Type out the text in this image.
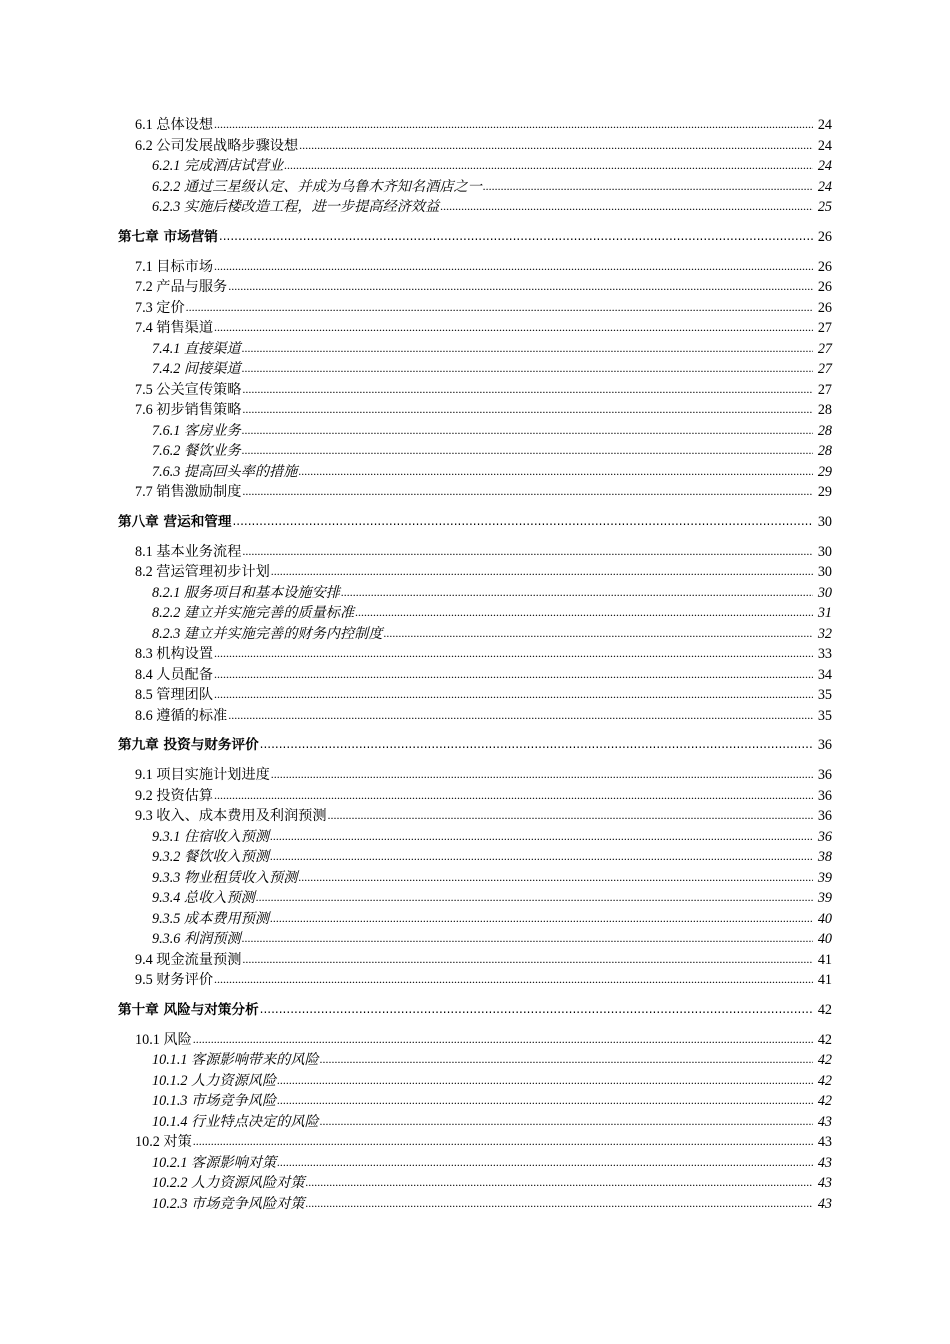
6.1 总体设想 .....	24
6.2 公司发展战略步骤设想 .....	24
6.2.1 完成酒店试营业 .....	24
6.2.2 通过三星级认定、并成为乌鲁木齐知名酒店之一 .....	24
6.2.3 实施后楼改造工程，进一步提高经济效益 .....	25
第七章 市场营销 .....	26
7.1 目标市场 .....	26
7.2 产品与服务 .....	26
7.3 定价 .....	26
7.4 销售渠道 .....	27
7.4.1 直接渠道 .....	27
7.4.2 间接渠道 .....	27
7.5 公关宣传策略 .....	27
7.6 初步销售策略 .....	28
7.6.1 客房业务 .....	28
7.6.2 餐饮业务 .....	28
7.6.3 提高回头率的措施 .....	29
7.7 销售激励制度 .....	29
第八章 营运和管理 .....	30
8.1 基本业务流程 .....	30
8.2 营运管理初步计划 .....	30
8.2.1 服务项目和基本设施安排 .....	30
8.2.2 建立并实施完善的质量标准 .....	31
8.2.3 建立并实施完善的财务内控制度 .....	32
8.3 机构设置 .....	33
8.4 人员配备 .....	34
8.5 管理团队 .....	35
8.6 遵循的标准 .....	35
第九章 投资与财务评价 .....	36
9.1 项目实施计划进度 .....	36
9.2 投资估算 .....	36
9.3 收入、成本费用及利润预测 .....	36
9.3.1 住宿收入预测 .....	36
9.3.2 餐饮收入预测 .....	38
9.3.3 物业租赁收入预测 .....	39
9.3.4 总收入预测 .....	39
9.3.5 成本费用预测 .....	40
9.3.6 利润预测 .....	40
9.4 现金流量预测 .....	41
9.5 财务评价 .....	41
第十章 风险与对策分析 .....	42
10.1 风险 .....	42
10.1.1 客源影响带来的风险 .....	42
10.1.2 人力资源风险 .....	42
10.1.3 市场竞争风险 .....	42
10.1.4 行业特点决定的风险 .....	43
10.2 对策 .....	43
10.2.1 客源影响对策 .....	43
10.2.2 人力资源风险对策 .....	43
10.2.3 市场竞争风险对策 .....	43
